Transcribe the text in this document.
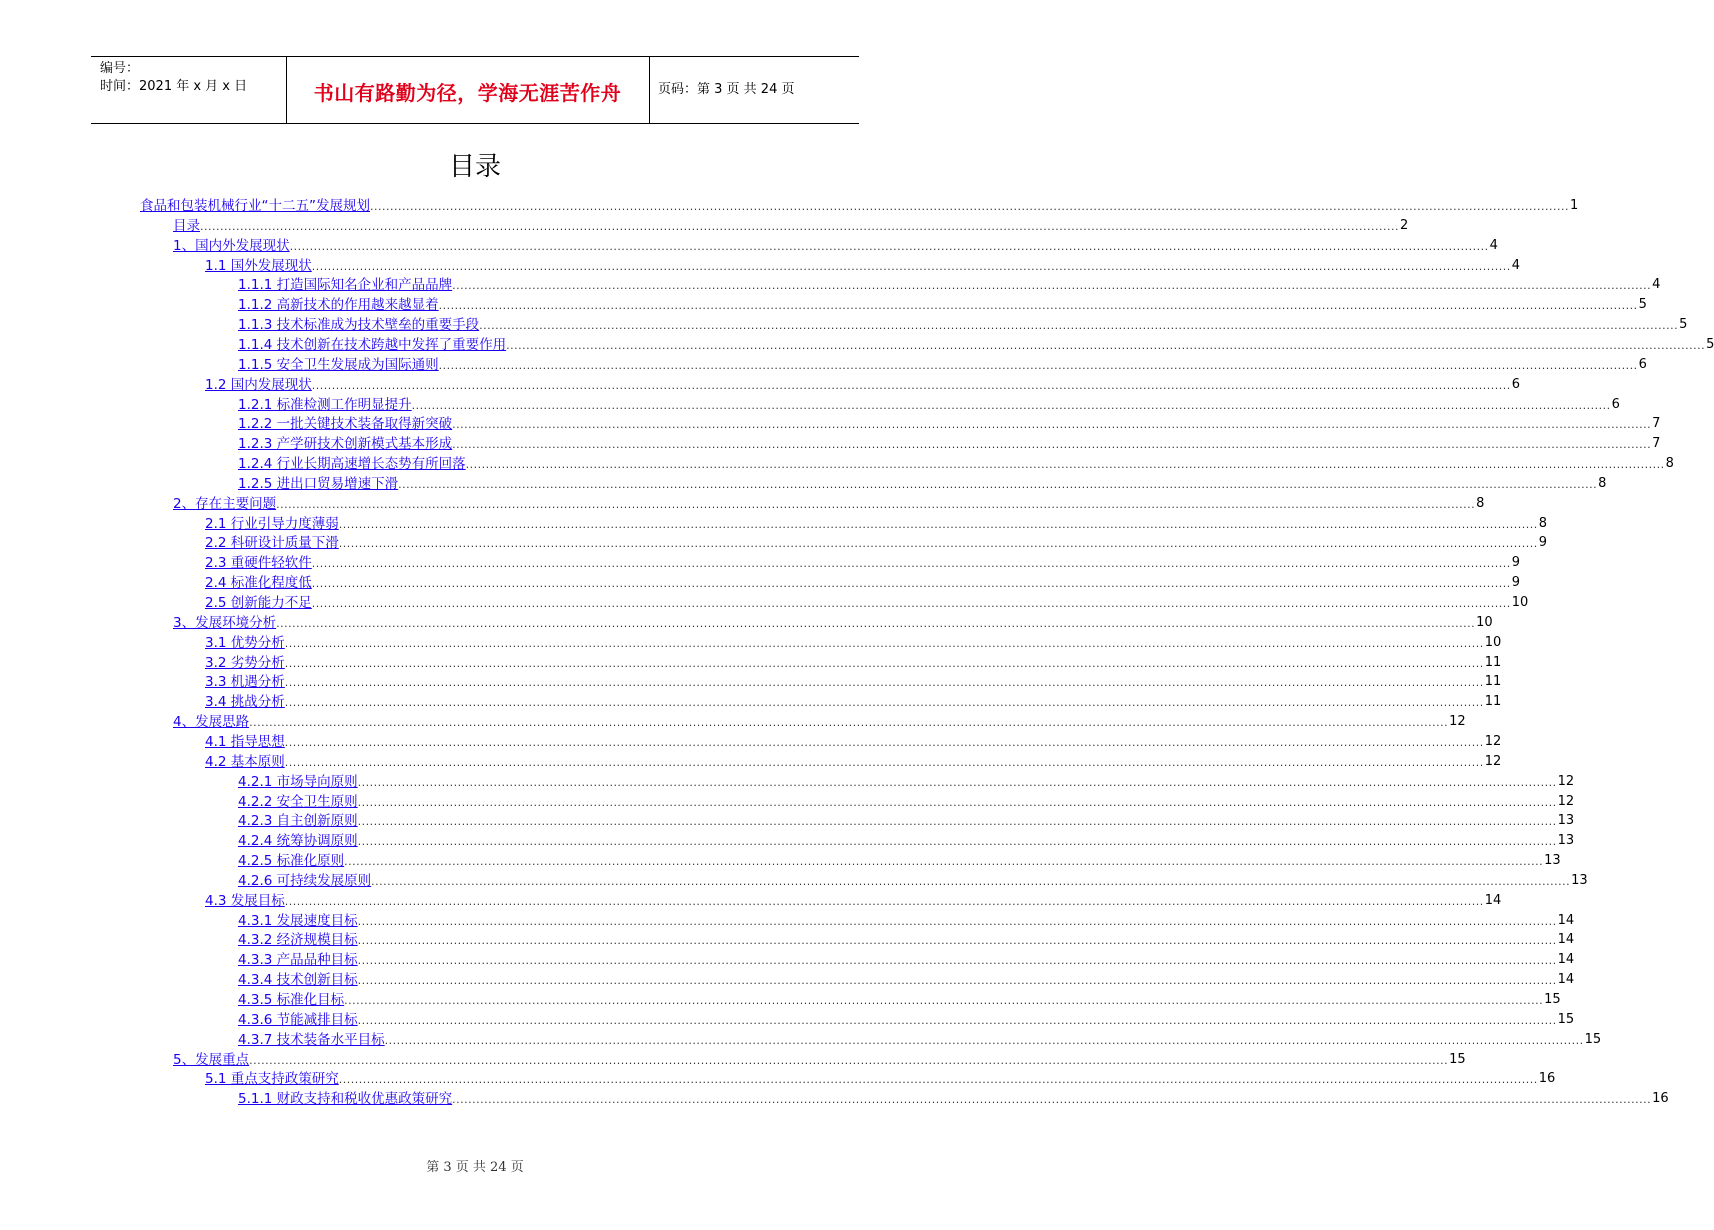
编号：
时间：2021 年 x 月 x 日	书山有路勤为径，学海无涯苦作舟	页码：第 3 页 共 24 页
目录
食品和包装机械行业“十二五”发展规划 ............................................................................................................................................................................................................................................................................................................ 1
目录 ............................................................................................................................................................................................................................................................................................................ 2
1、国内外发展现状 ............................................................................................................................................................................................................................................................................................................ 4
1.1 国外发展现状 ............................................................................................................................................................................................................................................................................................................ 4
1.1.1 打造国际知名企业和产品品牌 ............................................................................................................................................................................................................................................................................................................ 4
1.1.2 高新技术的作用越来越显着 ............................................................................................................................................................................................................................................................................................................ 5
1.1.3 技术标准成为技术壁垒的重要手段 ............................................................................................................................................................................................................................................................................................................ 5
1.1.4 技术创新在技术跨越中发挥了重要作用 ............................................................................................................................................................................................................................................................................................................ 5
1.1.5 安全卫生发展成为国际通则 ............................................................................................................................................................................................................................................................................................................ 6
1.2 国内发展现状 ............................................................................................................................................................................................................................................................................................................ 6
1.2.1 标准检测工作明显提升 ............................................................................................................................................................................................................................................................................................................ 6
1.2.2 一批关键技术装备取得新突破 ............................................................................................................................................................................................................................................................................................................ 7
1.2.3 产学研技术创新模式基本形成 ............................................................................................................................................................................................................................................................................................................ 7
1.2.4 行业长期高速增长态势有所回落 ............................................................................................................................................................................................................................................................................................................ 8
1.2.5 进出口贸易增速下滑 ............................................................................................................................................................................................................................................................................................................ 8
2、存在主要问题 ............................................................................................................................................................................................................................................................................................................ 8
2.1 行业引导力度薄弱 ............................................................................................................................................................................................................................................................................................................ 8
2.2 科研设计质量下滑 ............................................................................................................................................................................................................................................................................................................ 9
2.3 重硬件轻软件 ............................................................................................................................................................................................................................................................................................................ 9
2.4 标准化程度低 ............................................................................................................................................................................................................................................................................................................ 9
2.5 创新能力不足 ............................................................................................................................................................................................................................................................................................................ 10
3、发展环境分析 ............................................................................................................................................................................................................................................................................................................ 10
3.1 优势分析 ............................................................................................................................................................................................................................................................................................................ 10
3.2 劣势分析 ............................................................................................................................................................................................................................................................................................................ 11
3.3 机遇分析 ............................................................................................................................................................................................................................................................................................................ 11
3.4 挑战分析 ............................................................................................................................................................................................................................................................................................................ 11
4、发展思路 ............................................................................................................................................................................................................................................................................................................ 12
4.1 指导思想 ............................................................................................................................................................................................................................................................................................................ 12
4.2 基本原则 ............................................................................................................................................................................................................................................................................................................ 12
4.2.1 市场导向原则 ............................................................................................................................................................................................................................................................................................................ 12
4.2.2 安全卫生原则 ............................................................................................................................................................................................................................................................................................................ 12
4.2.3 自主创新原则 ............................................................................................................................................................................................................................................................................................................ 13
4.2.4 统筹协调原则 ............................................................................................................................................................................................................................................................................................................ 13
4.2.5 标准化原则 ............................................................................................................................................................................................................................................................................................................ 13
4.2.6 可持续发展原则 ............................................................................................................................................................................................................................................................................................................ 13
4.3 发展目标 ............................................................................................................................................................................................................................................................................................................ 14
4.3.1 发展速度目标 ............................................................................................................................................................................................................................................................................................................ 14
4.3.2 经济规模目标 ............................................................................................................................................................................................................................................................................................................ 14
4.3.3 产品品种目标 ............................................................................................................................................................................................................................................................................................................ 14
4.3.4 技术创新目标 ............................................................................................................................................................................................................................................................................................................ 14
4.3.5 标准化目标 ............................................................................................................................................................................................................................................................................................................ 15
4.3.6 节能减排目标 ............................................................................................................................................................................................................................................................................................................ 15
4.3.7 技术装备水平目标 ............................................................................................................................................................................................................................................................................................................ 15
5、发展重点 ............................................................................................................................................................................................................................................................................................................ 15
5.1 重点支持政策研究 ............................................................................................................................................................................................................................................................................................................ 16
5.1.1 财政支持和税收优惠政策研究 ............................................................................................................................................................................................................................................................................................................ 16
第 3 页 共 24 页
